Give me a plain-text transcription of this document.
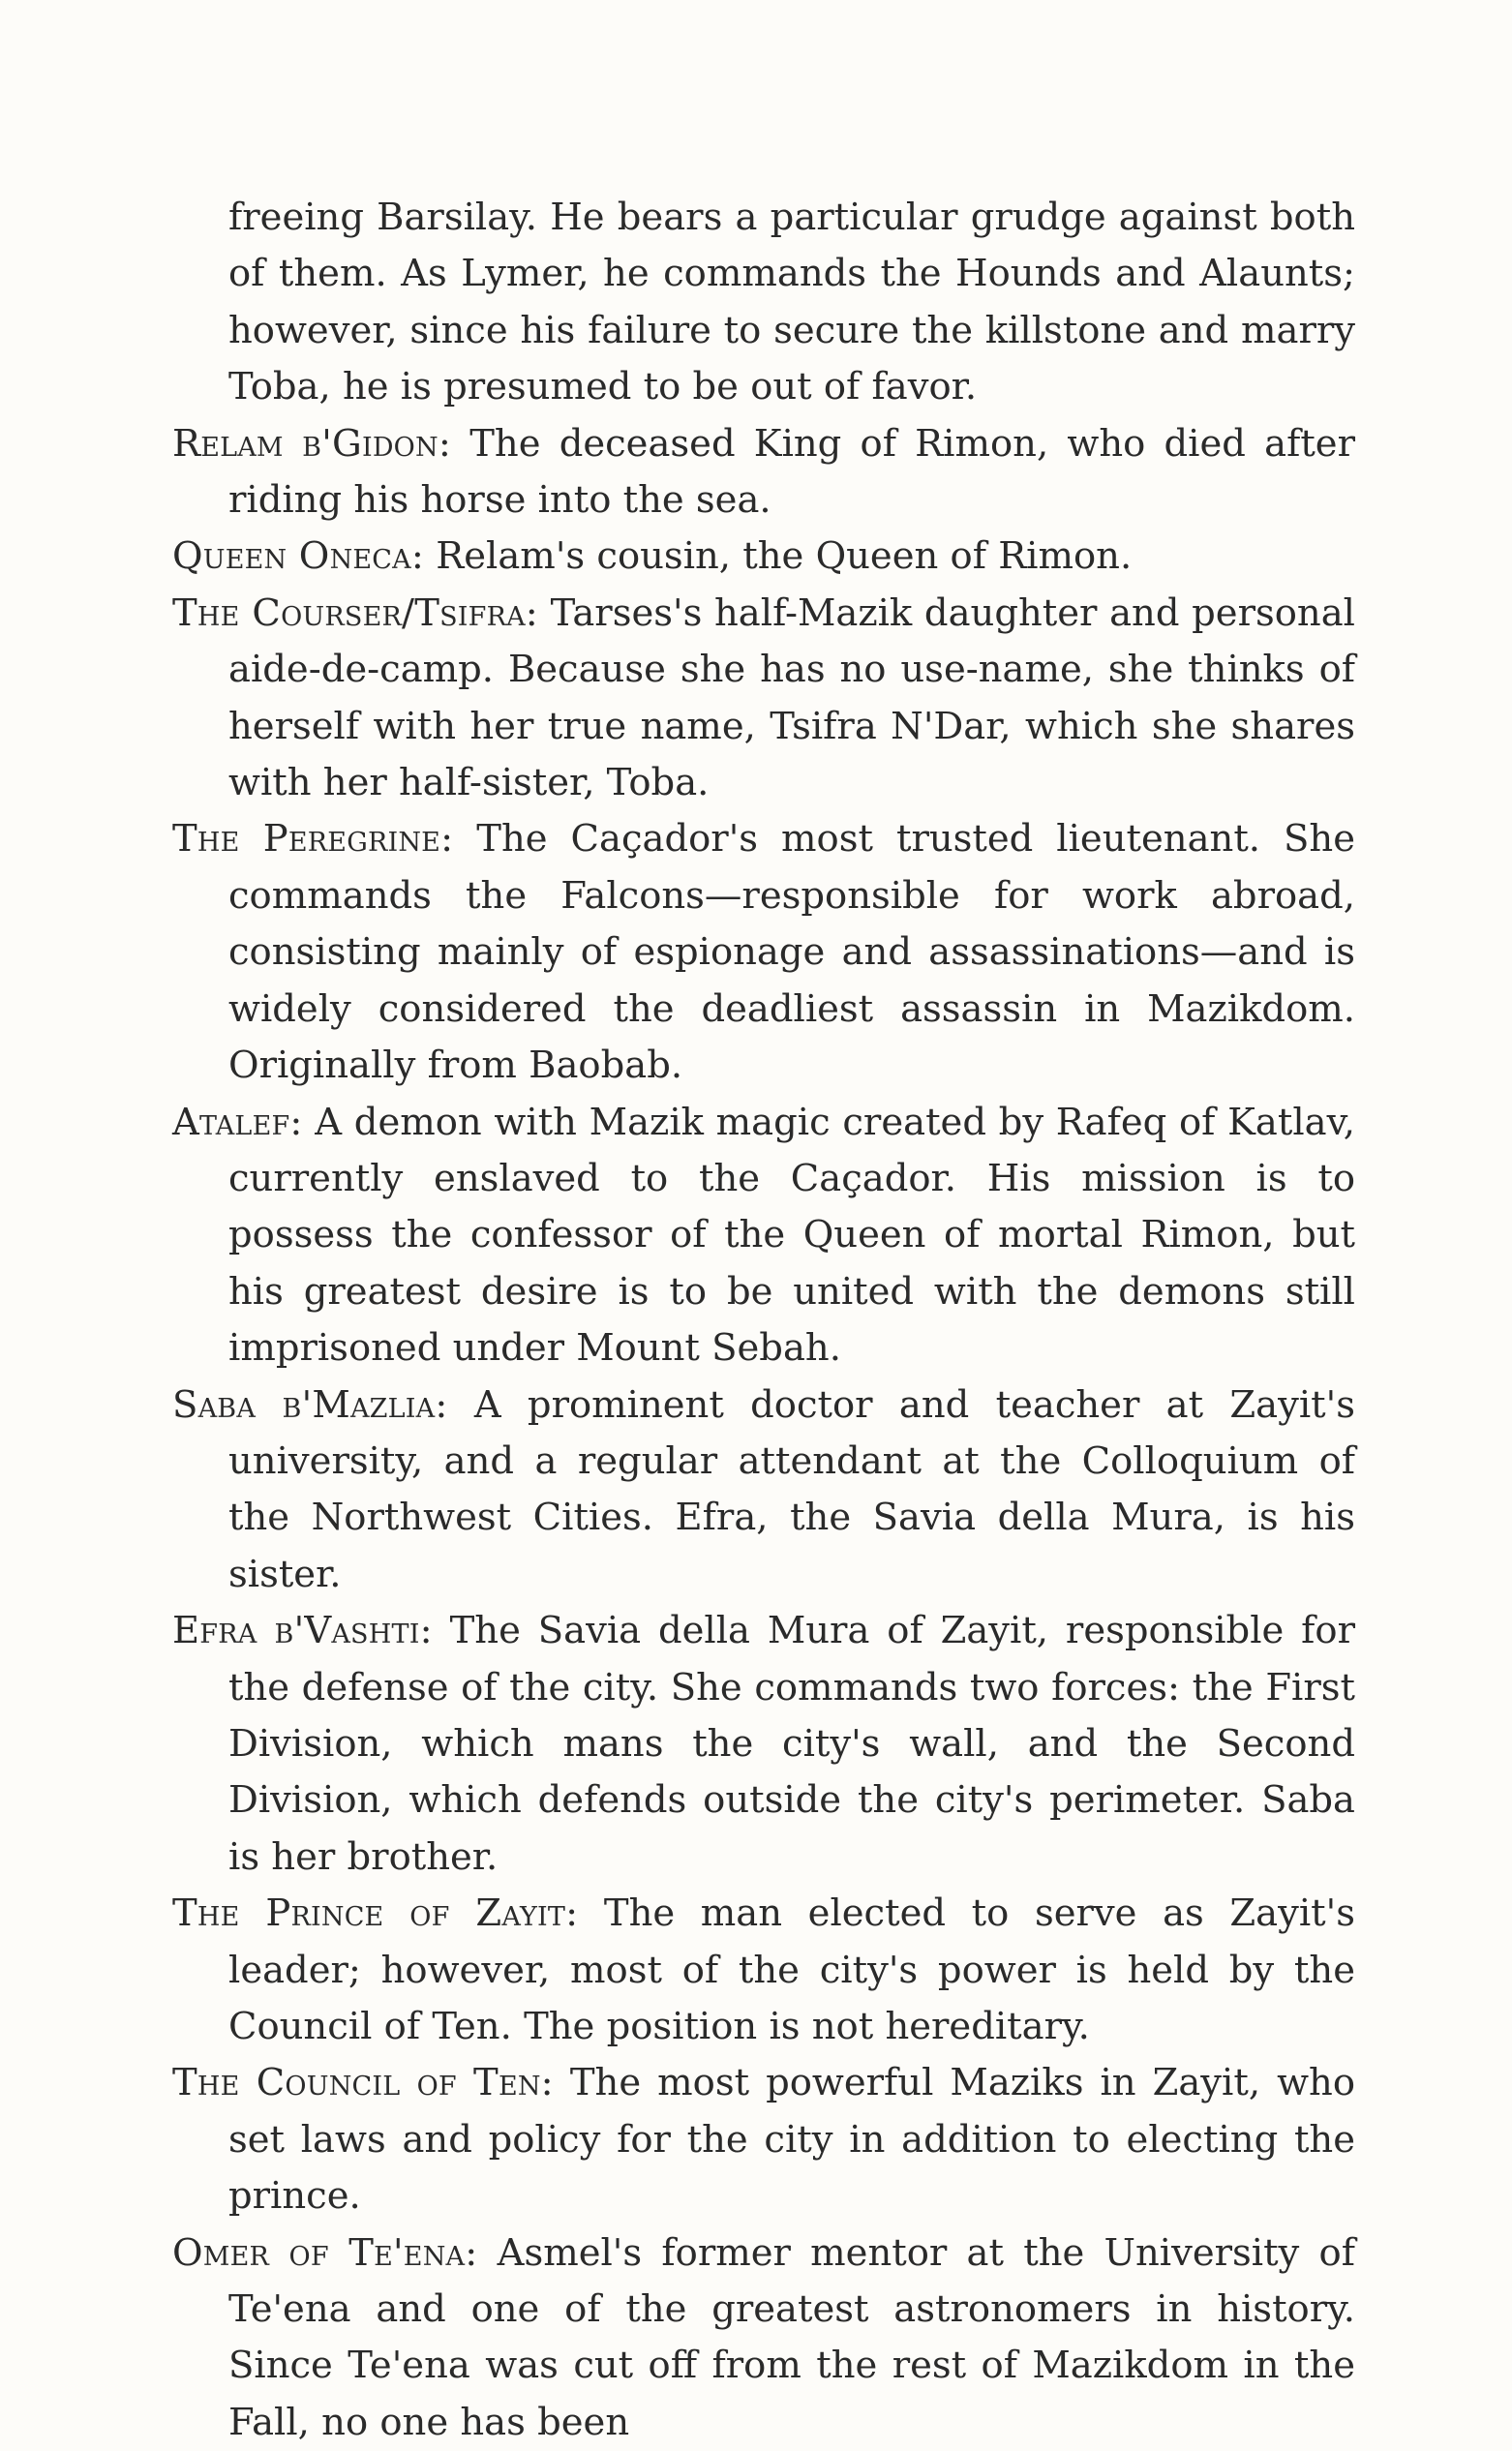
freeing Barsilay. He bears a particular grudge against both of them. As Lymer, he commands the Hounds and Alaunts; however, since his failure to secure the killstone and marry Toba, he is presumed to be out of favor.

Relam b'Gidon: The deceased King of Rimon, who died after riding his horse into the sea.

Queen Oneca: Relam's cousin, the Queen of Rimon.

The Courser/Tsifra: Tarses's half-Mazik daughter and personal aide-de-camp. Because she has no use-name, she thinks of herself with her true name, Tsifra N'Dar, which she shares with her half-sister, Toba.

The Peregrine: The Caçador's most trusted lieutenant. She commands the Falcons—responsible for work abroad, consisting mainly of espionage and assassinations—and is widely considered the deadliest assassin in Mazikdom. Originally from Baobab.

Atalef: A demon with Mazik magic created by Rafeq of Katlav, currently enslaved to the Caçador. His mission is to possess the confessor of the Queen of mortal Rimon, but his greatest desire is to be united with the demons still imprisoned under Mount Sebah.

Saba b'Mazlia: A prominent doctor and teacher at Zayit's university, and a regular attendant at the Colloquium of the Northwest Cities. Efra, the Savia della Mura, is his sister.

Efra b'Vashti: The Savia della Mura of Zayit, responsible for the defense of the city. She commands two forces: the First Division, which mans the city's wall, and the Second Division, which defends outside the city's perimeter. Saba is her brother.

The Prince of Zayit: The man elected to serve as Zayit's leader; however, most of the city's power is held by the Council of Ten. The position is not hereditary.

The Council of Ten: The most powerful Maziks in Zayit, who set laws and policy for the city in addition to electing the prince.

Omer of Te'ena: Asmel's former mentor at the University of Te'ena and one of the greatest astronomers in history. Since Te'ena was cut off from the rest of Mazikdom in the Fall, no one has been
